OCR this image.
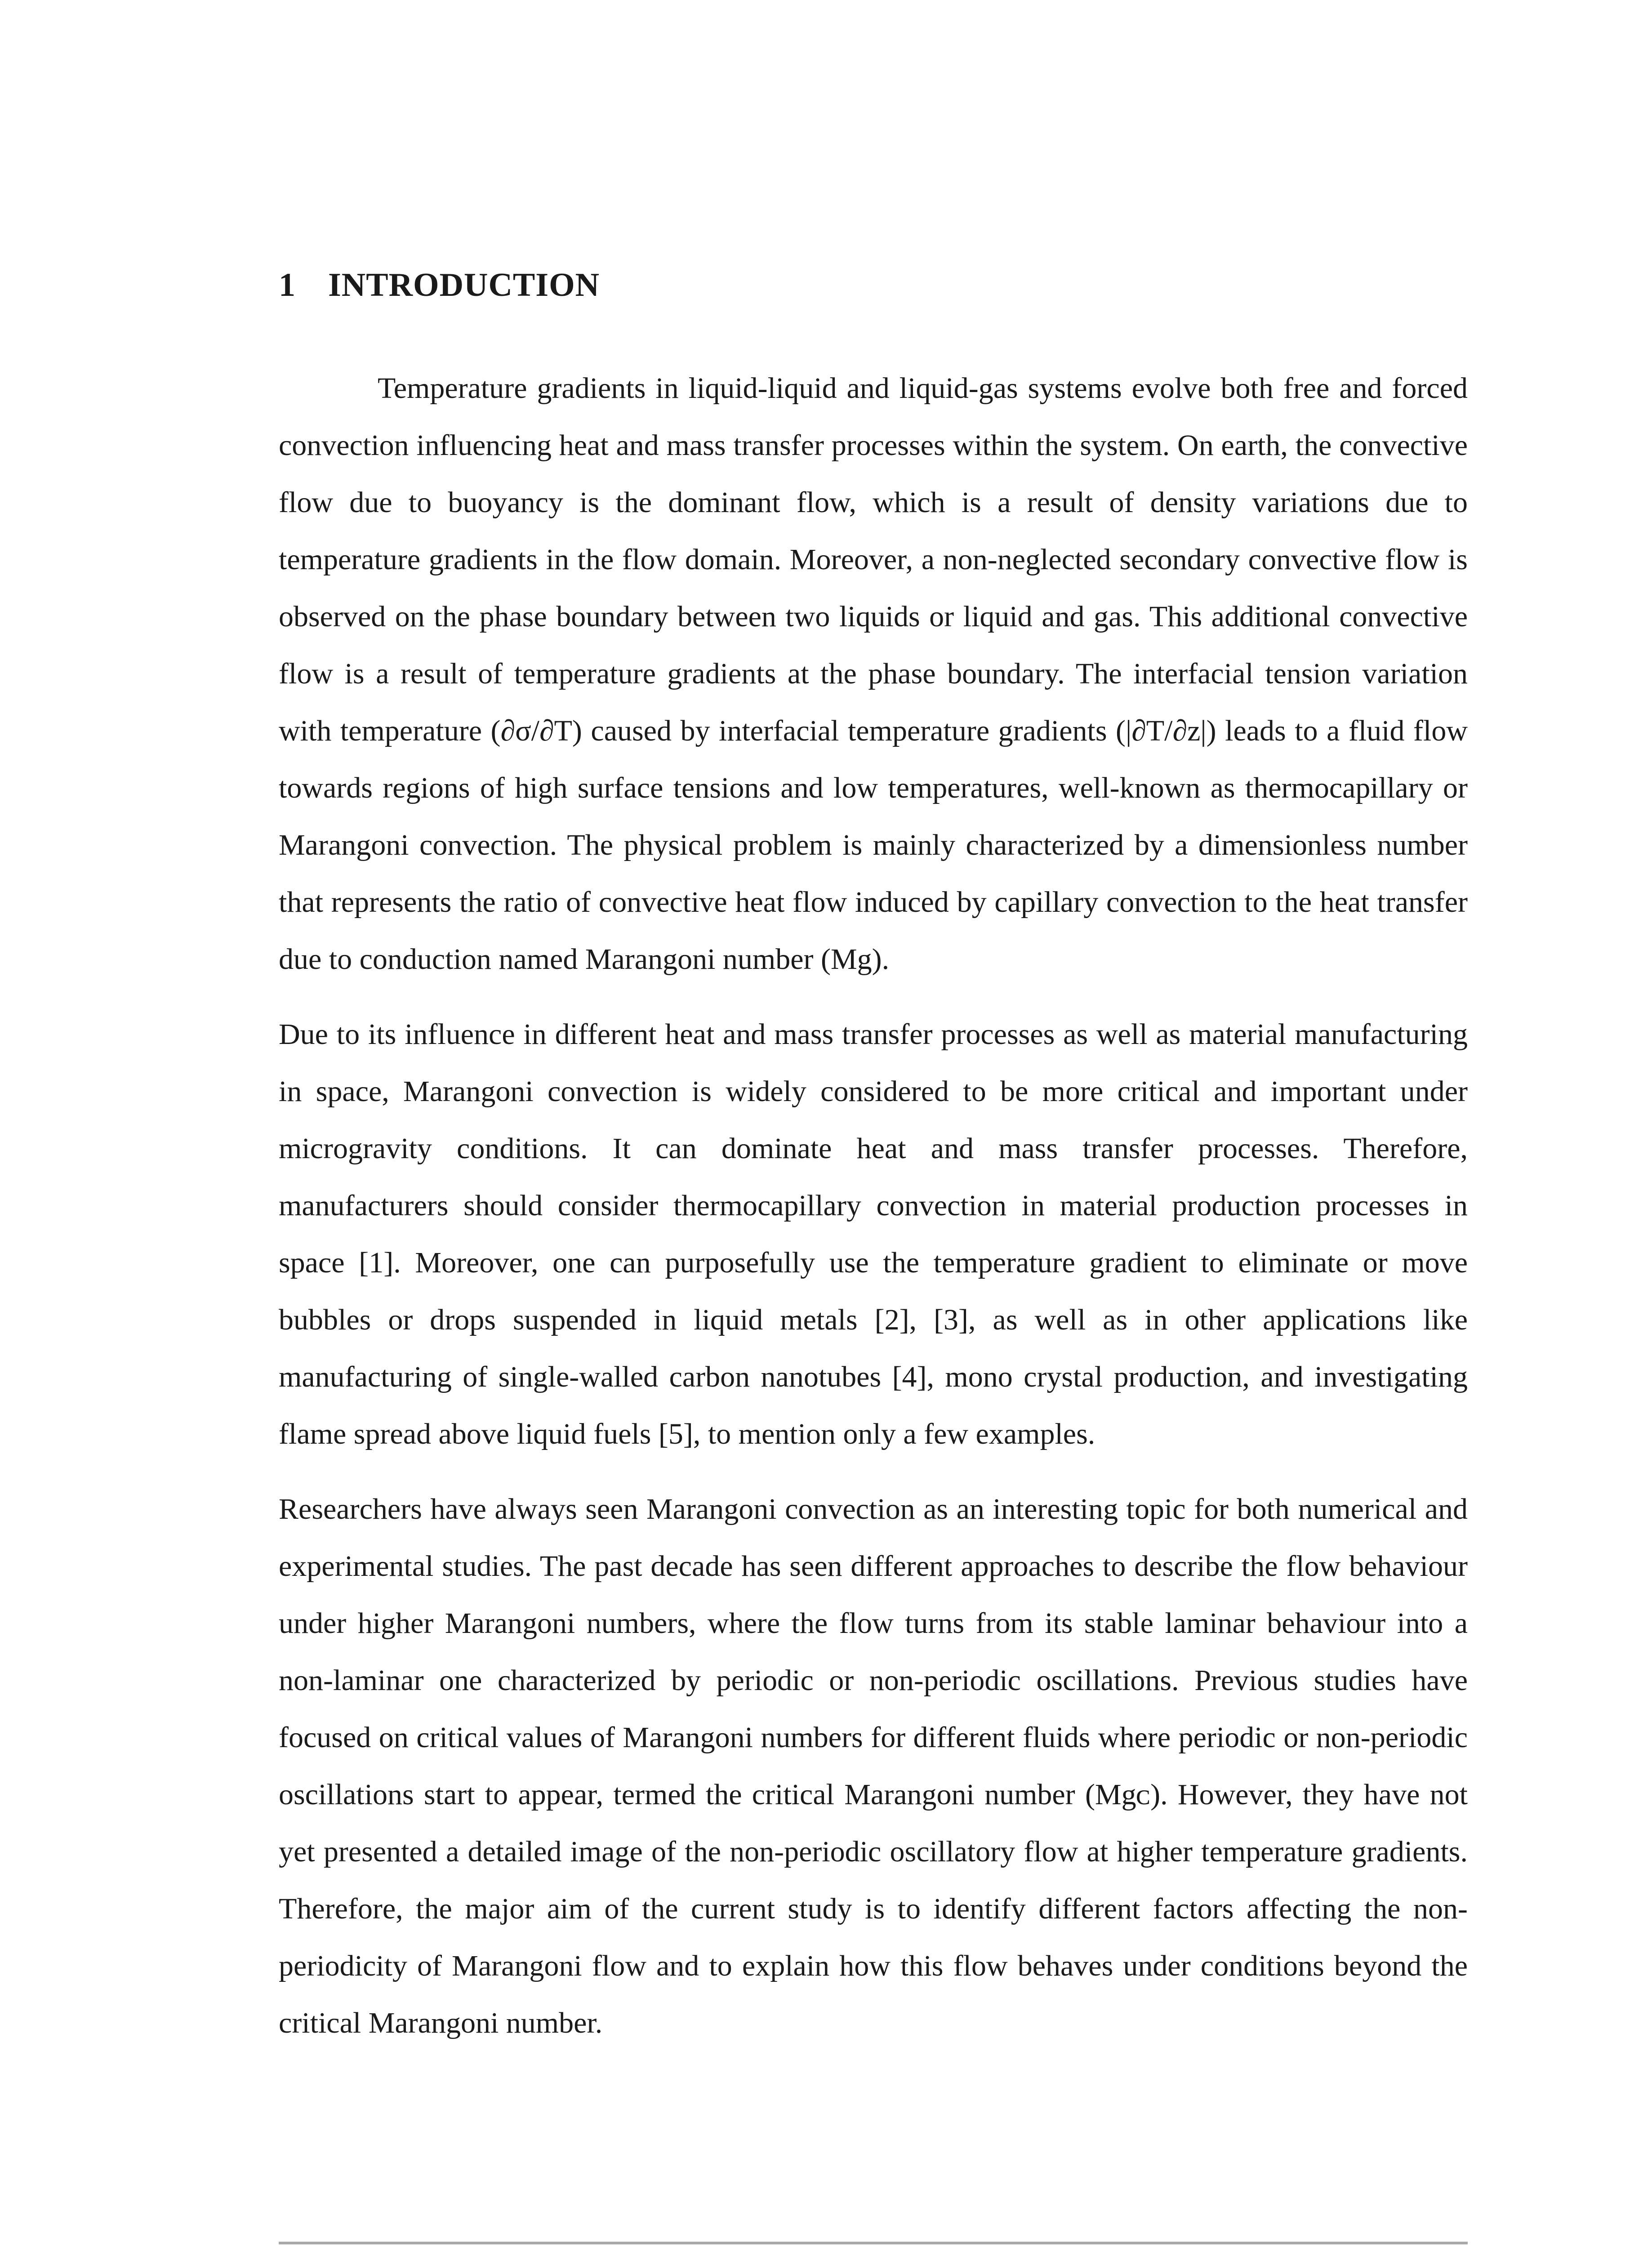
1 INTRODUCTION

Temperature gradients in liquid-liquid and liquid-gas systems evolve both free and forced convection influencing heat and mass transfer processes within the system. On earth, the convective flow due to buoyancy is the dominant flow, which is a result of density variations due to temperature gradients in the flow domain. Moreover, a non-neglected secondary convective flow is observed on the phase boundary between two liquids or liquid and gas. This additional convective flow is a result of temperature gradients at the phase boundary. The interfacial tension variation with temperature (∂σ/∂T) caused by interfacial temperature gradients (|∂T/∂z|) leads to a fluid flow towards regions of high surface tensions and low temperatures, well-known as thermocapillary or Marangoni convection. The physical problem is mainly characterized by a dimensionless number that represents the ratio of convective heat flow induced by capillary convection to the heat transfer due to conduction named Marangoni number (Mg).

Due to its influence in different heat and mass transfer processes as well as material manufacturing in space, Marangoni convection is widely considered to be more critical and important under microgravity conditions. It can dominate heat and mass transfer processes. Therefore, manufacturers should consider thermocapillary convection in material production processes in space [1]. Moreover, one can purposefully use the temperature gradient to eliminate or move bubbles or drops suspended in liquid metals [2], [3], as well as in other applications like manufacturing of single-walled carbon nanotubes [4], mono crystal production, and investigating flame spread above liquid fuels [5], to mention only a few examples.

Researchers have always seen Marangoni convection as an interesting topic for both numerical and experimental studies. The past decade has seen different approaches to describe the flow behaviour under higher Marangoni numbers, where the flow turns from its stable laminar behaviour into a non-laminar one characterized by periodic or non-periodic oscillations. Previous studies have focused on critical values of Marangoni numbers for different fluids where periodic or non-periodic oscillations start to appear, termed the critical Marangoni number (Mgᴄ). However, they have not yet presented a detailed image of the non-periodic oscillatory flow at higher temperature gradients. Therefore, the major aim of the current study is to identify different factors affecting the non-periodicity of Marangoni flow and to explain how this flow behaves under conditions beyond the critical Marangoni number.
